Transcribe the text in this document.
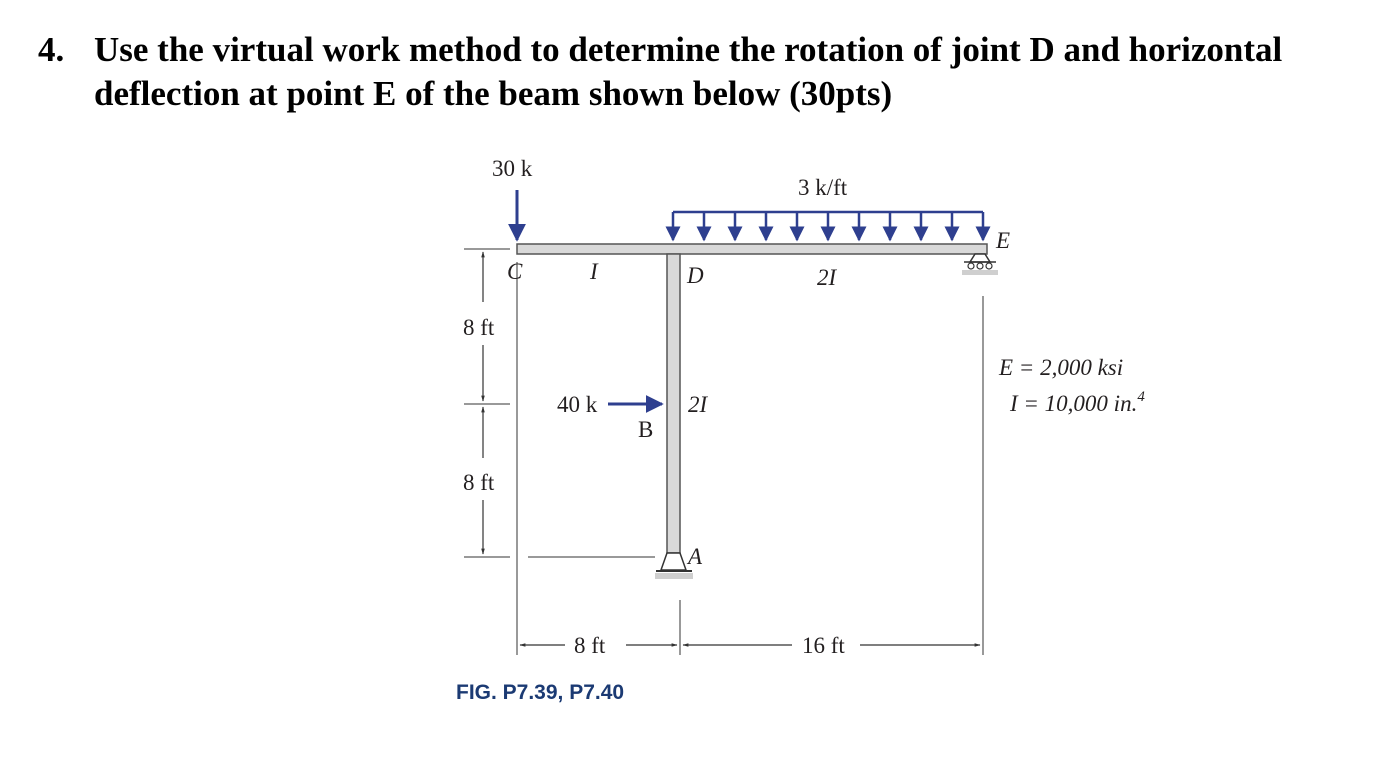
4. Use the virtual work method to determine the rotation of joint D and horizontal deflection at point E of the beam shown below (30pts)
30 k
3 k/ft
40 k
C	D
E
B
A
I	2I
2I
8 ft
8 ft
8 ft	16 ft
E = 2,000 ksi
I = 10,000 in.$^4$
FIG. P7.39, P7.40
